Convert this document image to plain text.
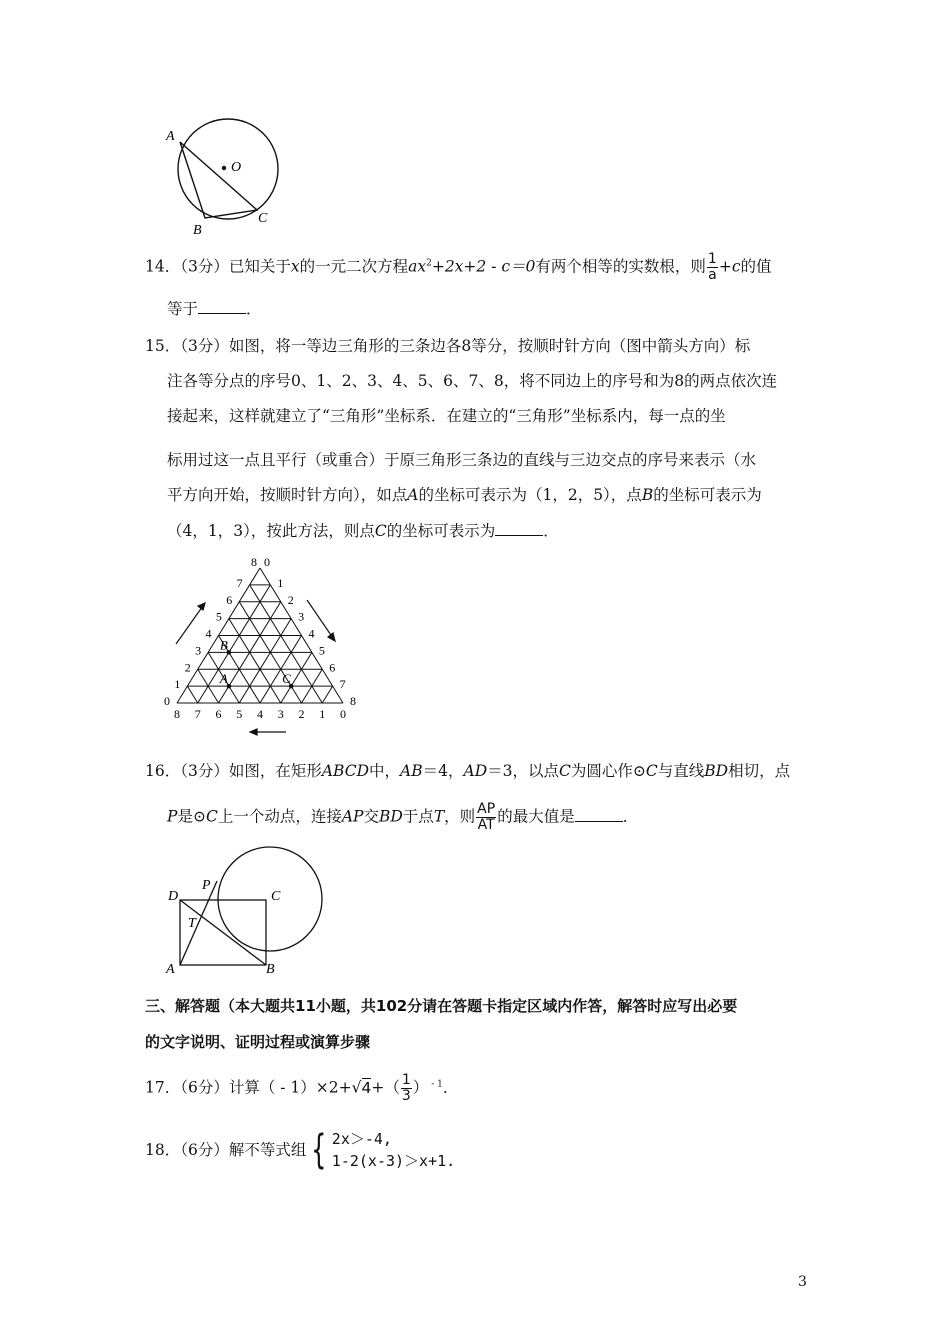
A
O
B
C
14．（3分）已知关于x的一元二次方程$ax^2+2x+2 - c=0$有两个相等的实数根，则 $\frac{1}{a} +c$的值
等于	．
15．（3分）如图，将一等边三角形的三条边各8等分，按顺时针方向（图中箭头方向）标
注各等分点的序号0、1、2、3、4、5、6、7、8，将不同边上的序号和为8的两点依次连
接起来，这样就建立了“三角形”坐标系．在建立的“三角形”坐标系内，每一点的坐
标用过这一点且平行（或重合）于原三角形三条边的直线与三边交点的序号来表示（水
平方向开始，按顺时针方向），如点A的坐标可表示为（1，2，5），点B的坐标可表示为
（4，1，3），按此方法，则点C的坐标可表示为	．
8 0
7
6
5
4
3
2
1
0
1
2
3
4
5
6
7
8
8 7 6 5 4 3 2 1 0
A
B
C
16．（3分）如图，在矩形ABCD中，AB＝4，AD＝3，以点C为圆心作⊙C与直线BD相切，点
P是⊙C上一个动点，连接AP交BD于点T，则 $\frac{AP}{AT}$ 的最大值是	．
D
P
C
T
A	B
三、解答题（本大题共11小题，共102分请在答题卡指定区域内作答，解答时应写出必要
的文字说明、证明过程或演算步骤
17．（6分）计算（ - $1)\times 2+√4+( \frac{1}{3}$ ） $^{- 1}$．
18．（6分）解不等式组 { 2x＞-4,
1-2(x-3)＞x+1.
3
